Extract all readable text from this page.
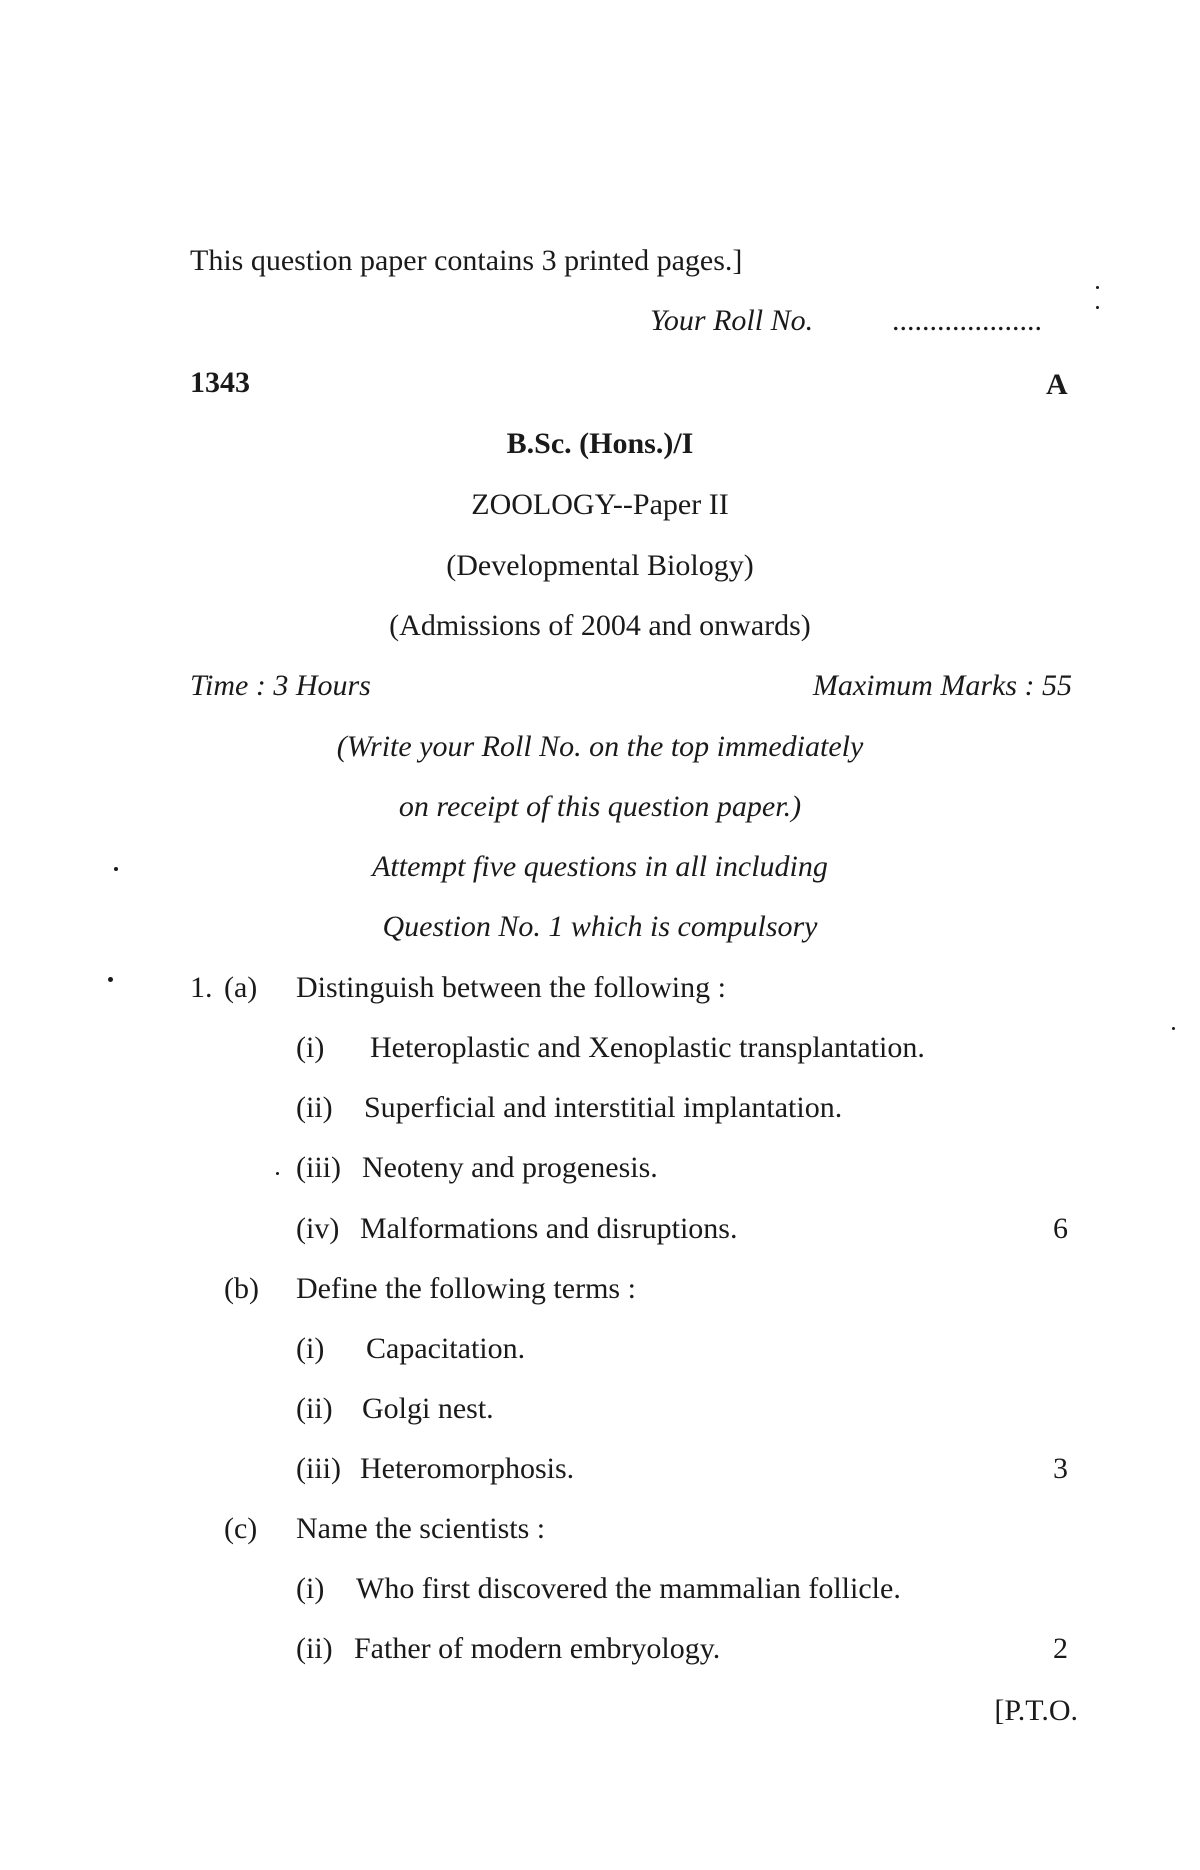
This question paper contains 3 printed pages.]
Your Roll No.	....................
1343	A
B.Sc. (Hons.)/I
ZOOLOGY--Paper II
(Developmental Biology)
(Admissions of 2004 and onwards)
Time : 3 Hours	Maximum Marks : 55
(Write your Roll No. on the top immediately
on receipt of this question paper.)
Attempt five questions in all including
Question No. 1 which is compulsory
1. (a) Distinguish between the following :
(i) Heteroplastic and Xenoplastic transplantation.
(ii) Superficial and interstitial implantation.
(iii) Neoteny and progenesis.
(iv) Malformations and disruptions.	6
(b) Define the following terms :
(i) Capacitation.
(ii) Golgi nest.
(iii) Heteromorphosis.	3
(c) Name the scientists :
(i) Who first discovered the mammalian follicle.
(ii) Father of modern embryology.	2
[P.T.O.
